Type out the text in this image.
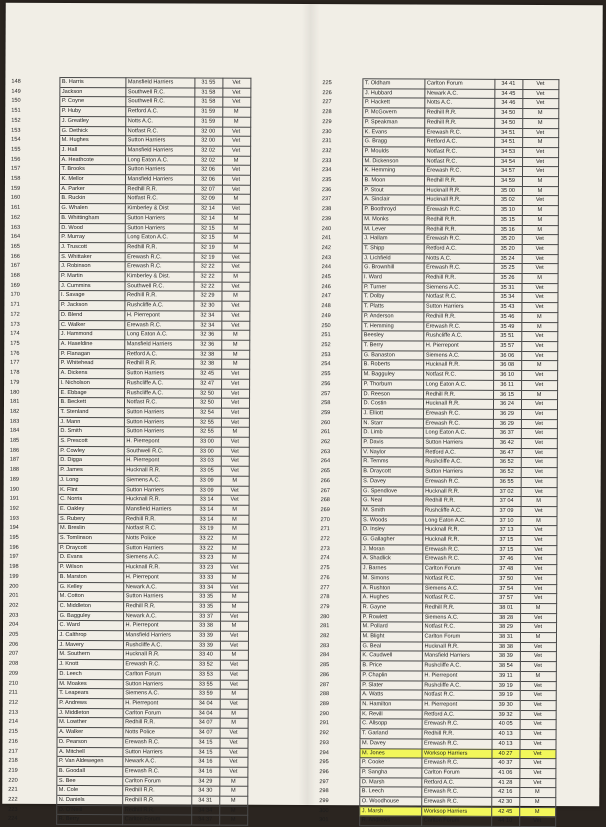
148	B. Harris	Mansfield Harriers	31 55	Vet
149	Jackson	Southwell R.C.	31 58	Vet
150	P. Coyne	Southwell R.C.	31 58	Vet
151	P. Huby	Retford A.C.	31 59	M
152	J. Greatley	Notts A.C.	31 59	M
153	G. Dethick	Notfast R.C.	32 00	Vet
154	M. Hughes	Sutton Harriers	32 00	Vet
155	J. Hall	Mansfield Harriers	32 02	Vet
156	A. Heathcote	Long Eaton A.C.	32 02	M
157	T. Brooks	Sutton Harriers	32 06	Vet
158	K. Mellor	Mansfield Harriers	32 06	Vet
159	A. Parker	Redhill R.R.	32 07	Vet
160	B. Ruckin	Notfast R.C.	32 09	M
161	G. Whalen	Kimberley & Dist	32 14	Vet
162	B. Whittingham	Sutton Harriers	32 14	M
163	D. Wood	Sutton Harriers	32 15	M
164	P. Murray	Long Eaton A.C.	32 15	M
165	J. Truscott	Redhill R.R.	32 19	M
166	S. Whittaker	Erewash R.C.	32 19	Vet
167	J. Robinson	Erewash R.C.	32 22	Vet
168	P. Martin	Kimberley & Dist.	32 22	M
169	J. Cummins	Southwell R.C.	32 22	Vet
170	I. Savage	Redhill R.R.	32 29	M
171	P. Jackson	Rushcliffe A.C.	32 30	Vet
172	D. Blend	H. Pierrepont	32 34	Vet
173	C. Walker	Erewash R.C.	32 34	Vet
174	J. Hammond	Long Eaton A.C.	32 36	M
175	A. Haseldine	Mansfield Harriers	32 36	M
176	P. Flanagan	Retford A.C.	32 38	M
177	P. Whitehead	Redhill R.R.	32 38	M
178	A. Dickens	Sutton Harriers	32 45	Vet
179	I. Nicholson	Rushcliffe A.C.	32 47	Vet
180	E. Ebbage	Rushcliffe A.C.	32 50	Vet
181	B. Beckett	Notfast R.C.	32 50	Vet
182	T. Stenland	Sutton Harriers	32 54	Vet
183	J. Mann	Sutton Harriers	32 55	Vet
184	D. Smith	Sutton Harriers	32 55	M
185	S. Prescott	H. Pierrepont	33 00	Vet
186	P. Cowley	Southwell R.C.	33 00	Vet
187	D. Digga	H. Pierrepont	33 03	Vet
188	P. James	Hucknall R.R.	33 05	Vet
189	J. Long	Siemens A.C.	33 09	M
190	K. Flint	Sutton Harriers	33 09	Vet
191	C. Norris	Hucknall R.R.	33 14	Vet
192	E. Oakley	Mansfield Harriers	33 14	M
193	S. Rubery	Redhill R.R.	33 14	M
194	M. Breslin	Notfast R.C.	33 19	M
195	S. Tomlinson	Notts Police	33 22	M
196	P. Draycott	Sutton Harriers	33 22	M
197	D. Evans	Siemens A.C.	33 23	M
198	P. Wilson	Hucknall R.R.	33 23	Vet
199	B. Marston	H. Pierrepont	33 33	M
200	G. Kelley	Newark A.C.	33 34	Vet
201	M. Cotton	Sutton Harriers	33 35	M
202	C. Middleton	Redhill R.R.	33 35	M
203	G. Bagguley	Newark A.C.	33 37	Vet
204	C. Ward	H. Pierrepont	33 38	M
205	J. Calthrop	Mansfield Harriers	33 39	Vet
206	J. Mavery	Rushcliffe A.C.	33 39	Vet
207	M. Southern	Hucknall R.R.	33 40	M
208	J. Knott	Erewash R.C.	33 52	Vet
209	D. Leech	Carlton Forum	33 53	Vet
210	M. Moakes	Sutton Harriers	33 55	Vet
211	T. Leapears	Siemens A.C.	33 59	M
212	P. Andrews	H. Pierrepont	34 04	Vet
213	J. Middleton	Carlton Forum	34 04	M
214	M. Lowther	Redhill R.R.	34 07	M
215	A. Walker	Notts Police	34 07	Vet
216	D. Pearson	Erewash R.C.	34 15	Vet
217	A. Mitchell	Sutton Harriers	34 15	Vet
218	P. Van Aldewegen	Newark A.C.	34 16	Vet
219	B. Goodall	Erewash R.C.	34 16	Vet
220	S. Bee	Carlton Forum	34 29	M
221	M. Cole	Redhill R.R.	34 30	M
222	N. Daniels	Redhill R.R.	34 31	M
223	D. O'Neill	Redhill R.R.	34 34	M
224	R. Berry	Carlton Forum	34 37	M
225	T. Oldham	Carlton Forum	34 41	Vet
226	J. Hubbard	Newark A.C.	34 45	Vet
227	P. Hackett	Notts A.C.	34 46	Vet
228	P. McGovern	Redhill R.R.	34 50	M
229	P. Speakman	Redhill R.R.	34 50	M
230	K. Evans	Erewash R.C.	34 51	Vet
231	G. Bragg	Retford A.C.	34 51	M
232	P. Moulds	Notfast R.C.	34 53	Vet
233	M. Dickenson	Notfast R.C.	34 54	Vet
234	K. Hemming	Erewash R.C.	34 57	Vet
235	B. Moon	Redhill R.R.	34 59	M
236	P. Stout	Hucknall R.R.	35 00	M
237	A. Sinclair	Hucknall R.R.	35 02	Vet
238	P. Boothroyd	Erewash R.C.	35 10	M
239	M. Monks	Redhill R.R.	35 15	M
240	M. Lever	Redhill R.R.	35 16	M
241	J. Hallam	Erewash R.C.	35 20	Vet
242	T. Shipp	Retford A.C.	35 20	Vet
243	J. Lichfield	Notts A.C.	35 24	Vet
244	G. Brownhill	Erewash R.C.	35 25	Vet
245	I. Ward	Redhill R.R.	35 26	M
246	P. Turner	Siemens A.C.	35 31	Vet
247	T. Dolby	Notfast R.C.	35 34	Vet
248	T. Platts	Sutton Harriers	35 43	Vet
249	P. Anderson	Redhill R.R.	35 46	M
250	T. Hemming	Erewash R.C.	35 49	M
251	Beesley	Rushcliffe A.C.	35 51	Vet
252	T. Berry	H. Pierrepont	35 57	Vet
253	G. Banaston	Siemens A.C.	36 06	Vet
254	B. Roberts	Hucknall R.R.	36 08	M
255	M. Bagguley	Notfast R.C.	36 10	Vet
256	P. Thorburn	Long Eaton A.C.	36 11	Vet
257	D. Reeson	Redhill R.R.	36 15	M
258	D. Costin	Hucknall R.R.	36 24	Vet
259	J. Elliott	Erewash R.C.	36 29	Vet
260	N. Starr	Erewash R.C.	36 29	Vet
261	D. Limb	Long Eaton A.C.	36 37	Vet
262	P. Davis	Sutton Harriers	36 42	Vet
263	V. Naylor	Retford A.C.	36 47	Vet
264	R. Temms	Rushcliffe A.C.	36 52	Vet
265	B. Draycott	Sutton Harriers	36 52	Vet
266	S. Davey	Erewash R.C.	36 55	Vet
267	G. Spendlove	Hucknall R.R.	37 02	Vet
268	G. Neal	Redhill R.R.	37 04	M
269	M. Smith	Rushcliffe A.C.	37 09	Vet
270	S. Woods	Long Eaton A.C.	37 10	M
271	D. Insley	Hucknall R.R.	37 13	Vet
272	G. Gallagher	Hucknall R.R.	37 15	Vet
273	J. Moran	Erewash R.C.	37 15	Vet
274	A. Shadlick	Erewash R.C.	37 46	Vet
275	J. Barnes	Carlton Forum	37 48	Vet
276	M. Simons	Notfast R.C.	37 50	Vet
277	A. Rushton	Siemens A.C.	37 54	Vet
278	A. Hughes	Notfast R.C.	37 57	Vet
279	R. Gayne	Redhill R.R.	38 01	M
280	P. Rowlett	Siemens A.C.	38 28	Vet
281	M. Pollard	Notfast R.C.	38 29	Vet
282	M. Blight	Carlton Forum	38 31	M
283	G. Beal	Hucknall R.R.	38 38	Vet
284	K. Caudwell	Mansfield Harriers	38 39	Vet
285	B. Price	Rushcliffe A.C.	38 54	Vet
286	P. Chaplin	H. Pierrepont	39 11	M
287	P. Slater	Rushcliffe A.C.	39 19	Vet
288	A. Watts	Notfast R.C.	39 19	Vet
289	N. Hamilton	H. Pierrepont	39 30	Vet
290	K. Revill	Retford A.C.	39 32	Vet
291	C. Allsopp	Erewash R.C.	40 05	Vet
292	T. Garland	Redhill R.R.	40 13	Vet
293	M. Davey	Erewash R.C.	40 13	Vet
294	M. Jones	Worksop Harriers	40 27	Vet
295	P. Cooke	Erewash R.C.	40 37	Vet
296	P. Sangha	Carlton Forum	41 06	Vet
297	D. Marsh	Retford A.C.	41 28	Vet
298	B. Leech	Erewash R.C.	42 16	M
299	O. Woodhouse	Erewash R.C.	42 30	M
300	J. Marsh	Worksop Harriers	42 45	M
301	R. Andrews	Carlton Forum	44 10	Vet
